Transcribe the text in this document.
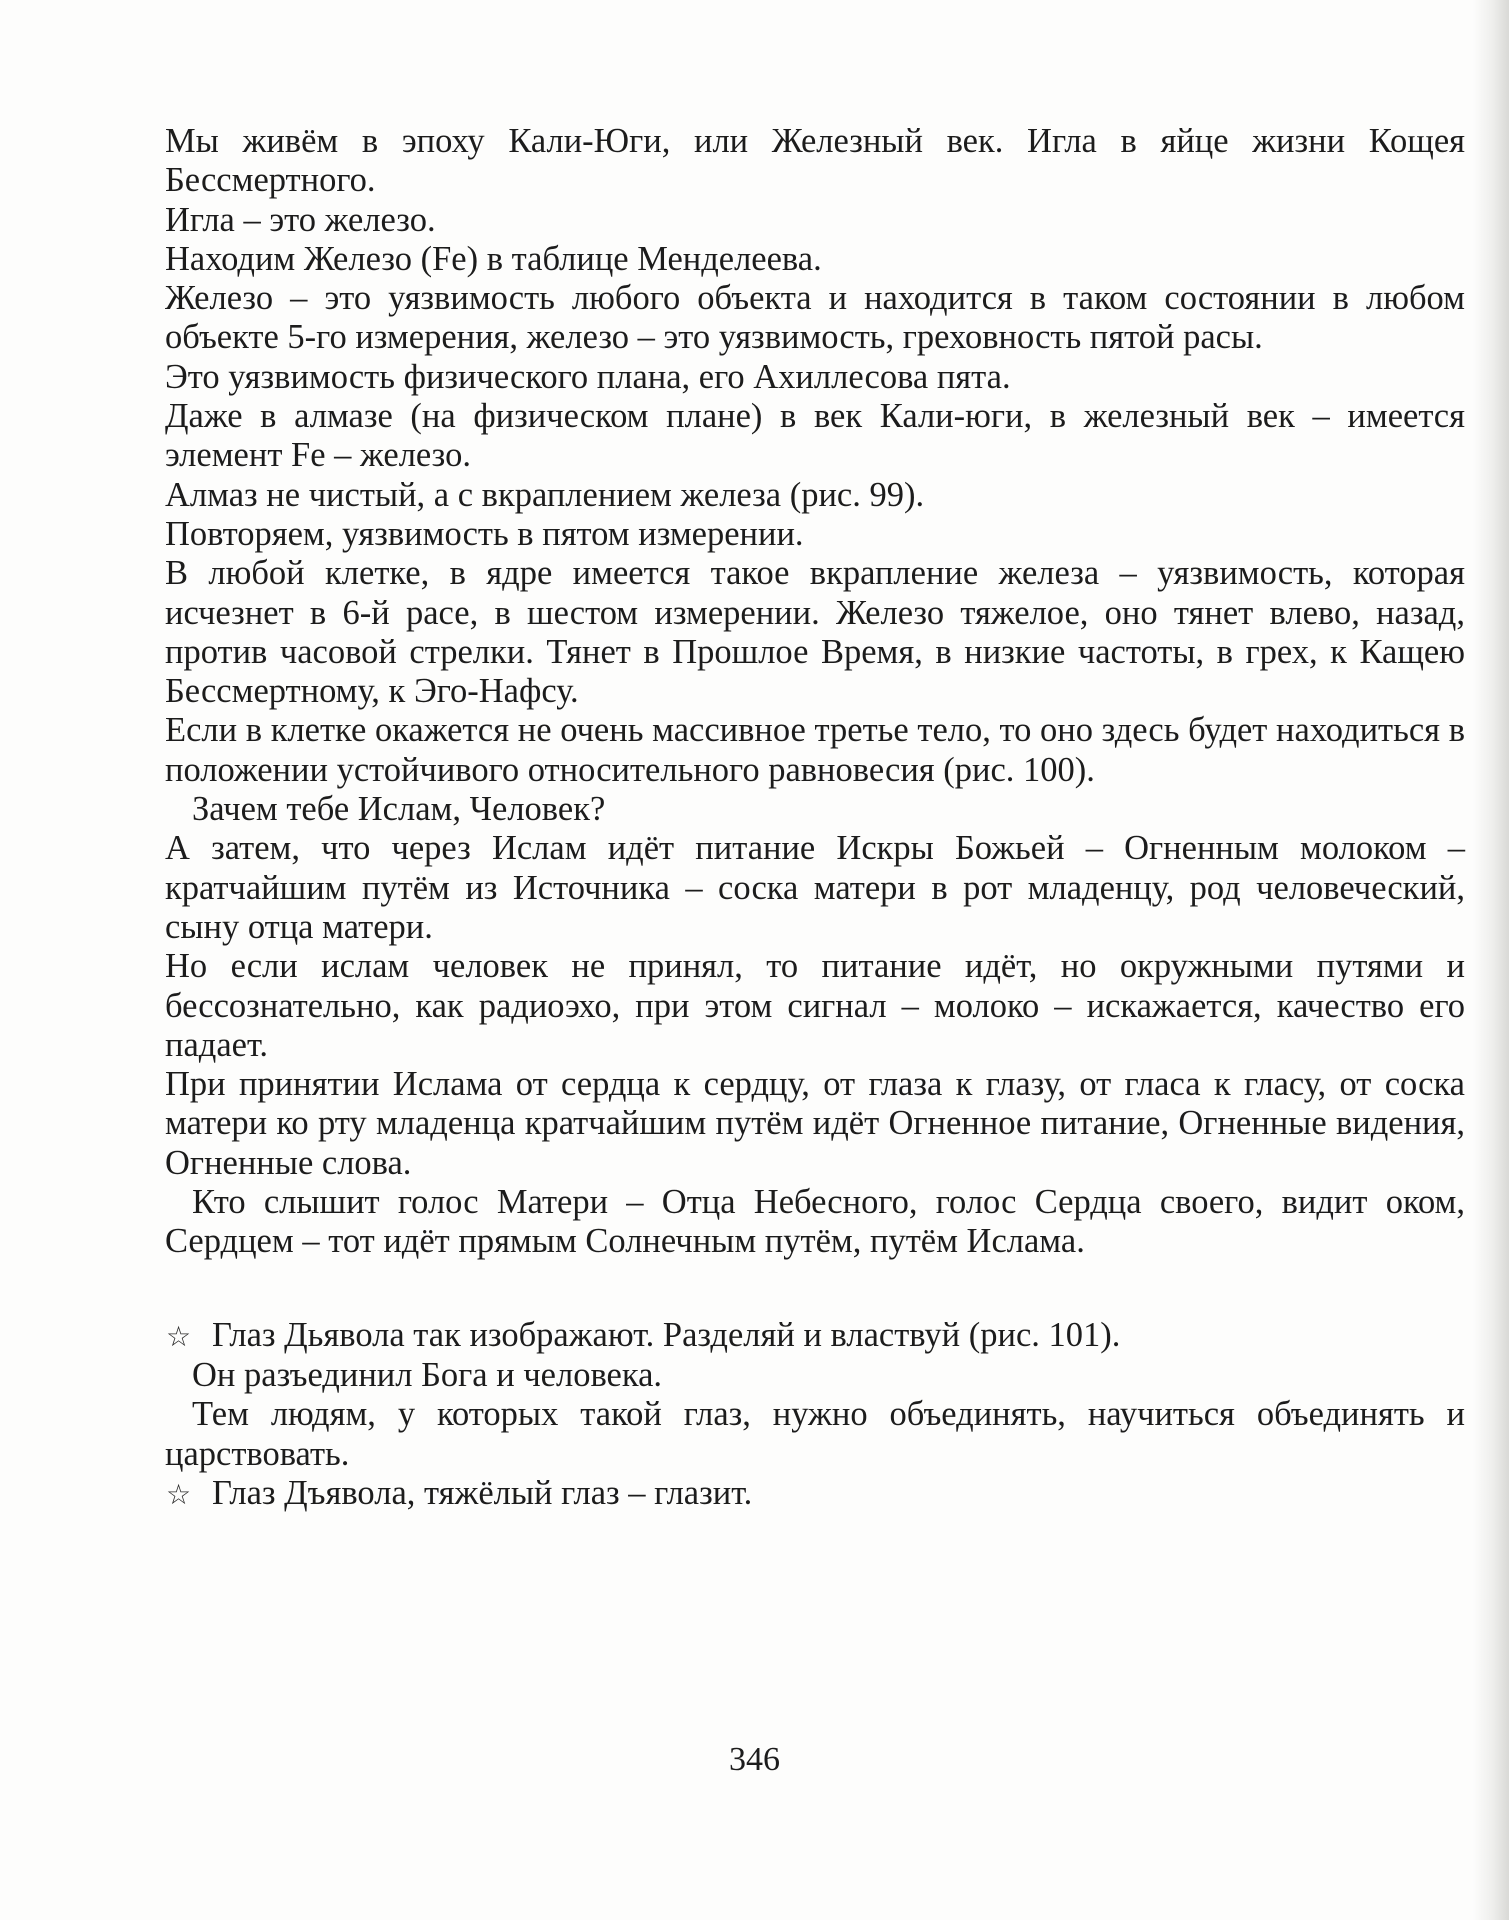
Мы живём в эпоху Кали-Юги, или Железный век. Игла в яйце жизни Кощея Бессмертного.

Игла – это железо.

Находим Железо (Fe) в таблице Менделеева.

Железо – это уязвимость любого объекта и находится в таком состоянии в любом объекте 5-го измерения, железо – это уязвимость, греховность пятой расы.

Это уязвимость физического плана, его Ахиллесова пята.

Даже в алмазе (на физическом плане) в век Кали-юги, в железный век – имеется элемент Fe – железо.

Алмаз не чистый, а с вкраплением железа (рис. 99).

Повторяем, уязвимость в пятом измерении.

В любой клетке, в ядре имеется такое вкрапление железа – уязвимость, которая исчезнет в 6-й расе, в шестом измерении. Железо тяжелое, оно тянет влево, назад, против часовой стрелки. Тянет в Прошлое Время, в низкие частоты, в грех, к Кащею Бессмертному, к Эго-Нафсу.

Если в клетке окажется не очень массивное третье тело, то оно здесь будет находиться в положении устойчивого относительного равновесия (рис. 100).

Зачем тебе Ислам, Человек?

А затем, что через Ислам идёт питание Искры Божьей – Огненным молоком – кратчайшим путём из Источника – соска матери в рот младенцу, род человеческий, сыну отца матери.

Но если ислам человек не принял, то питание идёт, но окружными путями и бессознательно, как радиоэхо, при этом сигнал – молоко – искажается, качество его падает.

При принятии Ислама от сердца к сердцу, от глаза к глазу, от гласа к гласу, от соска матери ко рту младенца кратчайшим путём идёт Огненное питание, Огненные видения, Огненные слова.

Кто слышит голос Матери – Отца Небесного, голос Сердца своего, видит оком, Сердцем – тот идёт прямым Солнечным путём, путём Ислама.

☆ Глаз Дьявола так изображают. Разделяй и властвуй (рис. 101).

Он разъединил Бога и человека.

Тем людям, у которых такой глаз, нужно объединять, научиться объединять и царствовать.

☆ Глаз Дъявола, тяжёлый глаз – глазит.

346
